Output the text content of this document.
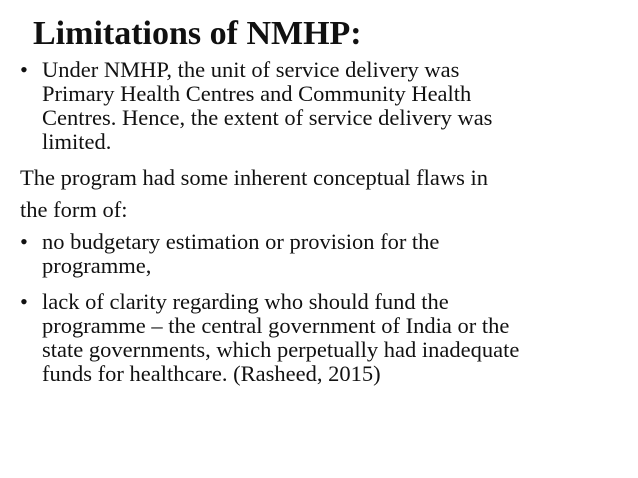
Limitations of NMHP:
• Under NMHP, the unit of service delivery was
Primary Health Centres and Community Health
Centres. Hence, the extent of service delivery was
limited.
The program had some inherent conceptual flaws in
the form of:
• no budgetary estimation or provision for the
programme,
• lack of clarity regarding who should fund the
programme – the central government of India or the
state governments, which perpetually had inadequate
funds for healthcare. (Rasheed, 2015)
